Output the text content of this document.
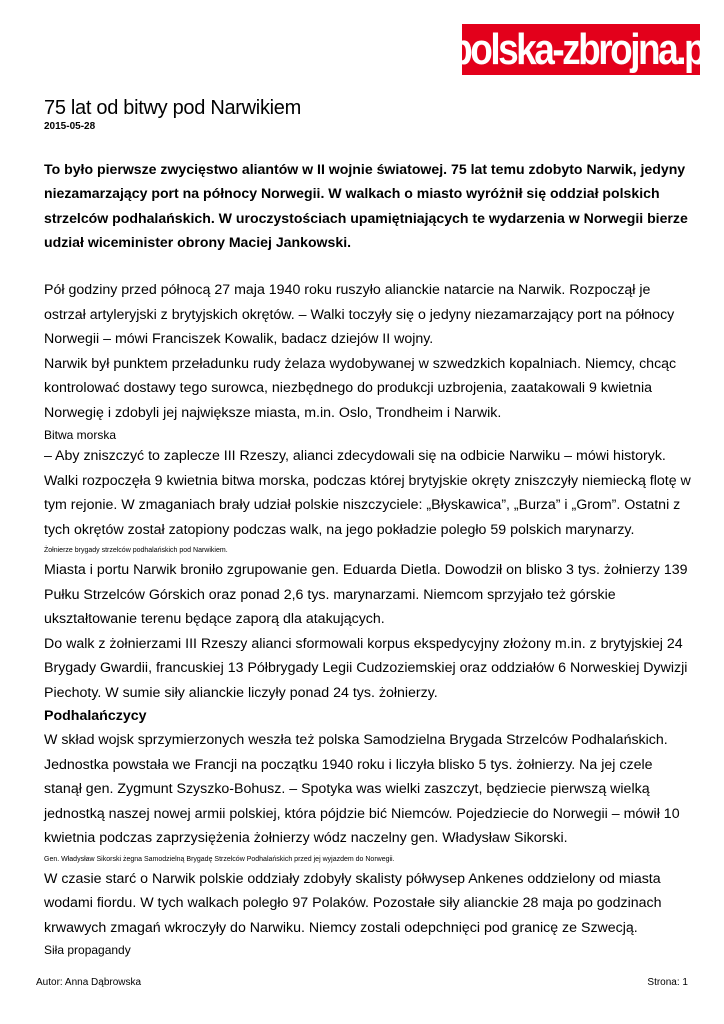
polska-zbrojna.pl
75 lat od bitwy pod Narwikiem
2015-05-28
To było pierwsze zwycięstwo aliantów w II wojnie światowej. 75 lat temu zdobyto Narwik, jedyny niezamarzający port na północy Norwegii. W walkach o miasto wyróżnił się oddział polskich strzelców podhalańskich. W uroczystościach upamiętniających te wydarzenia w Norwegii bierze udział wiceminister obrony Maciej Jankowski.
Pół godziny przed północą 27 maja 1940 roku ruszyło alianckie natarcie na Narwik. Rozpoczął je ostrzał artyleryjski z brytyjskich okrętów. – Walki toczyły się o jedyny niezamarzający port na północy Norwegii – mówi Franciszek Kowalik, badacz dziejów II wojny.
Narwik był punktem przeładunku rudy żelaza wydobywanej w szwedzkich kopalniach. Niemcy, chcąc kontrolować dostawy tego surowca, niezbędnego do produkcji uzbrojenia, zaatakowali 9 kwietnia Norwegię i zdobyli jej największe miasta, m.in. Oslo, Trondheim i Narwik.
Bitwa morska
– Aby zniszczyć to zaplecze III Rzeszy, alianci zdecydowali się na odbicie Narwiku – mówi historyk. Walki rozpoczęła 9 kwietnia bitwa morska, podczas której brytyjskie okręty zniszczyły niemiecką flotę w tym rejonie. W zmaganiach brały udział polskie niszczyciele: „Błyskawica”, „Burza” i „Grom”. Ostatni z tych okrętów został zatopiony podczas walk, na jego pokładzie poległo 59 polskich marynarzy.
Żołnierze brygady strzelców podhalańskich pod Narwikiem.
Miasta i portu Narwik broniło zgrupowanie gen. Eduarda Dietla. Dowodził on blisko 3 tys. żołnierzy 139 Pułku Strzelców Górskich oraz ponad 2,6 tys. marynarzami. Niemcom sprzyjało też górskie ukształtowanie terenu będące zaporą dla atakujących.
Do walk z żołnierzami III Rzeszy alianci sformowali korpus ekspedycyjny złożony m.in. z brytyjskiej 24 Brygady Gwardii, francuskiej 13 Półbrygady Legii Cudzoziemskiej oraz oddziałów 6 Norweskiej Dywizji Piechoty. W sumie siły alianckie liczyły ponad 24 tys. żołnierzy.
Podhalańczycy
W skład wojsk sprzymierzonych weszła też polska Samodzielna Brygada Strzelców Podhalańskich. Jednostka powstała we Francji na początku 1940 roku i liczyła blisko 5 tys. żołnierzy. Na jej czele stanął gen. Zygmunt Szyszko-Bohusz. – Spotyka was wielki zaszczyt, będziecie pierwszą wielką jednostką naszej nowej armii polskiej, która pójdzie bić Niemców. Pojedziecie do Norwegii – mówił 10 kwietnia podczas zaprzysiężenia żołnierzy wódz naczelny gen. Władysław Sikorski.
Gen. Władysław Sikorski żegna Samodzielną Brygadę Strzelców Podhalańskich przed jej wyjazdem do Norwegii.
W czasie starć o Narwik polskie oddziały zdobyły skalisty półwysep Ankenes oddzielony od miasta wodami fiordu. W tych walkach poległo 97 Polaków. Pozostałe siły alianckie 28 maja po godzinach krwawych zmagań wkroczyły do Narwiku. Niemcy zostali odepchnięci pod granicę ze Szwecją.
Siła propagandy
Autor: Anna Dąbrowska	Strona: 1
